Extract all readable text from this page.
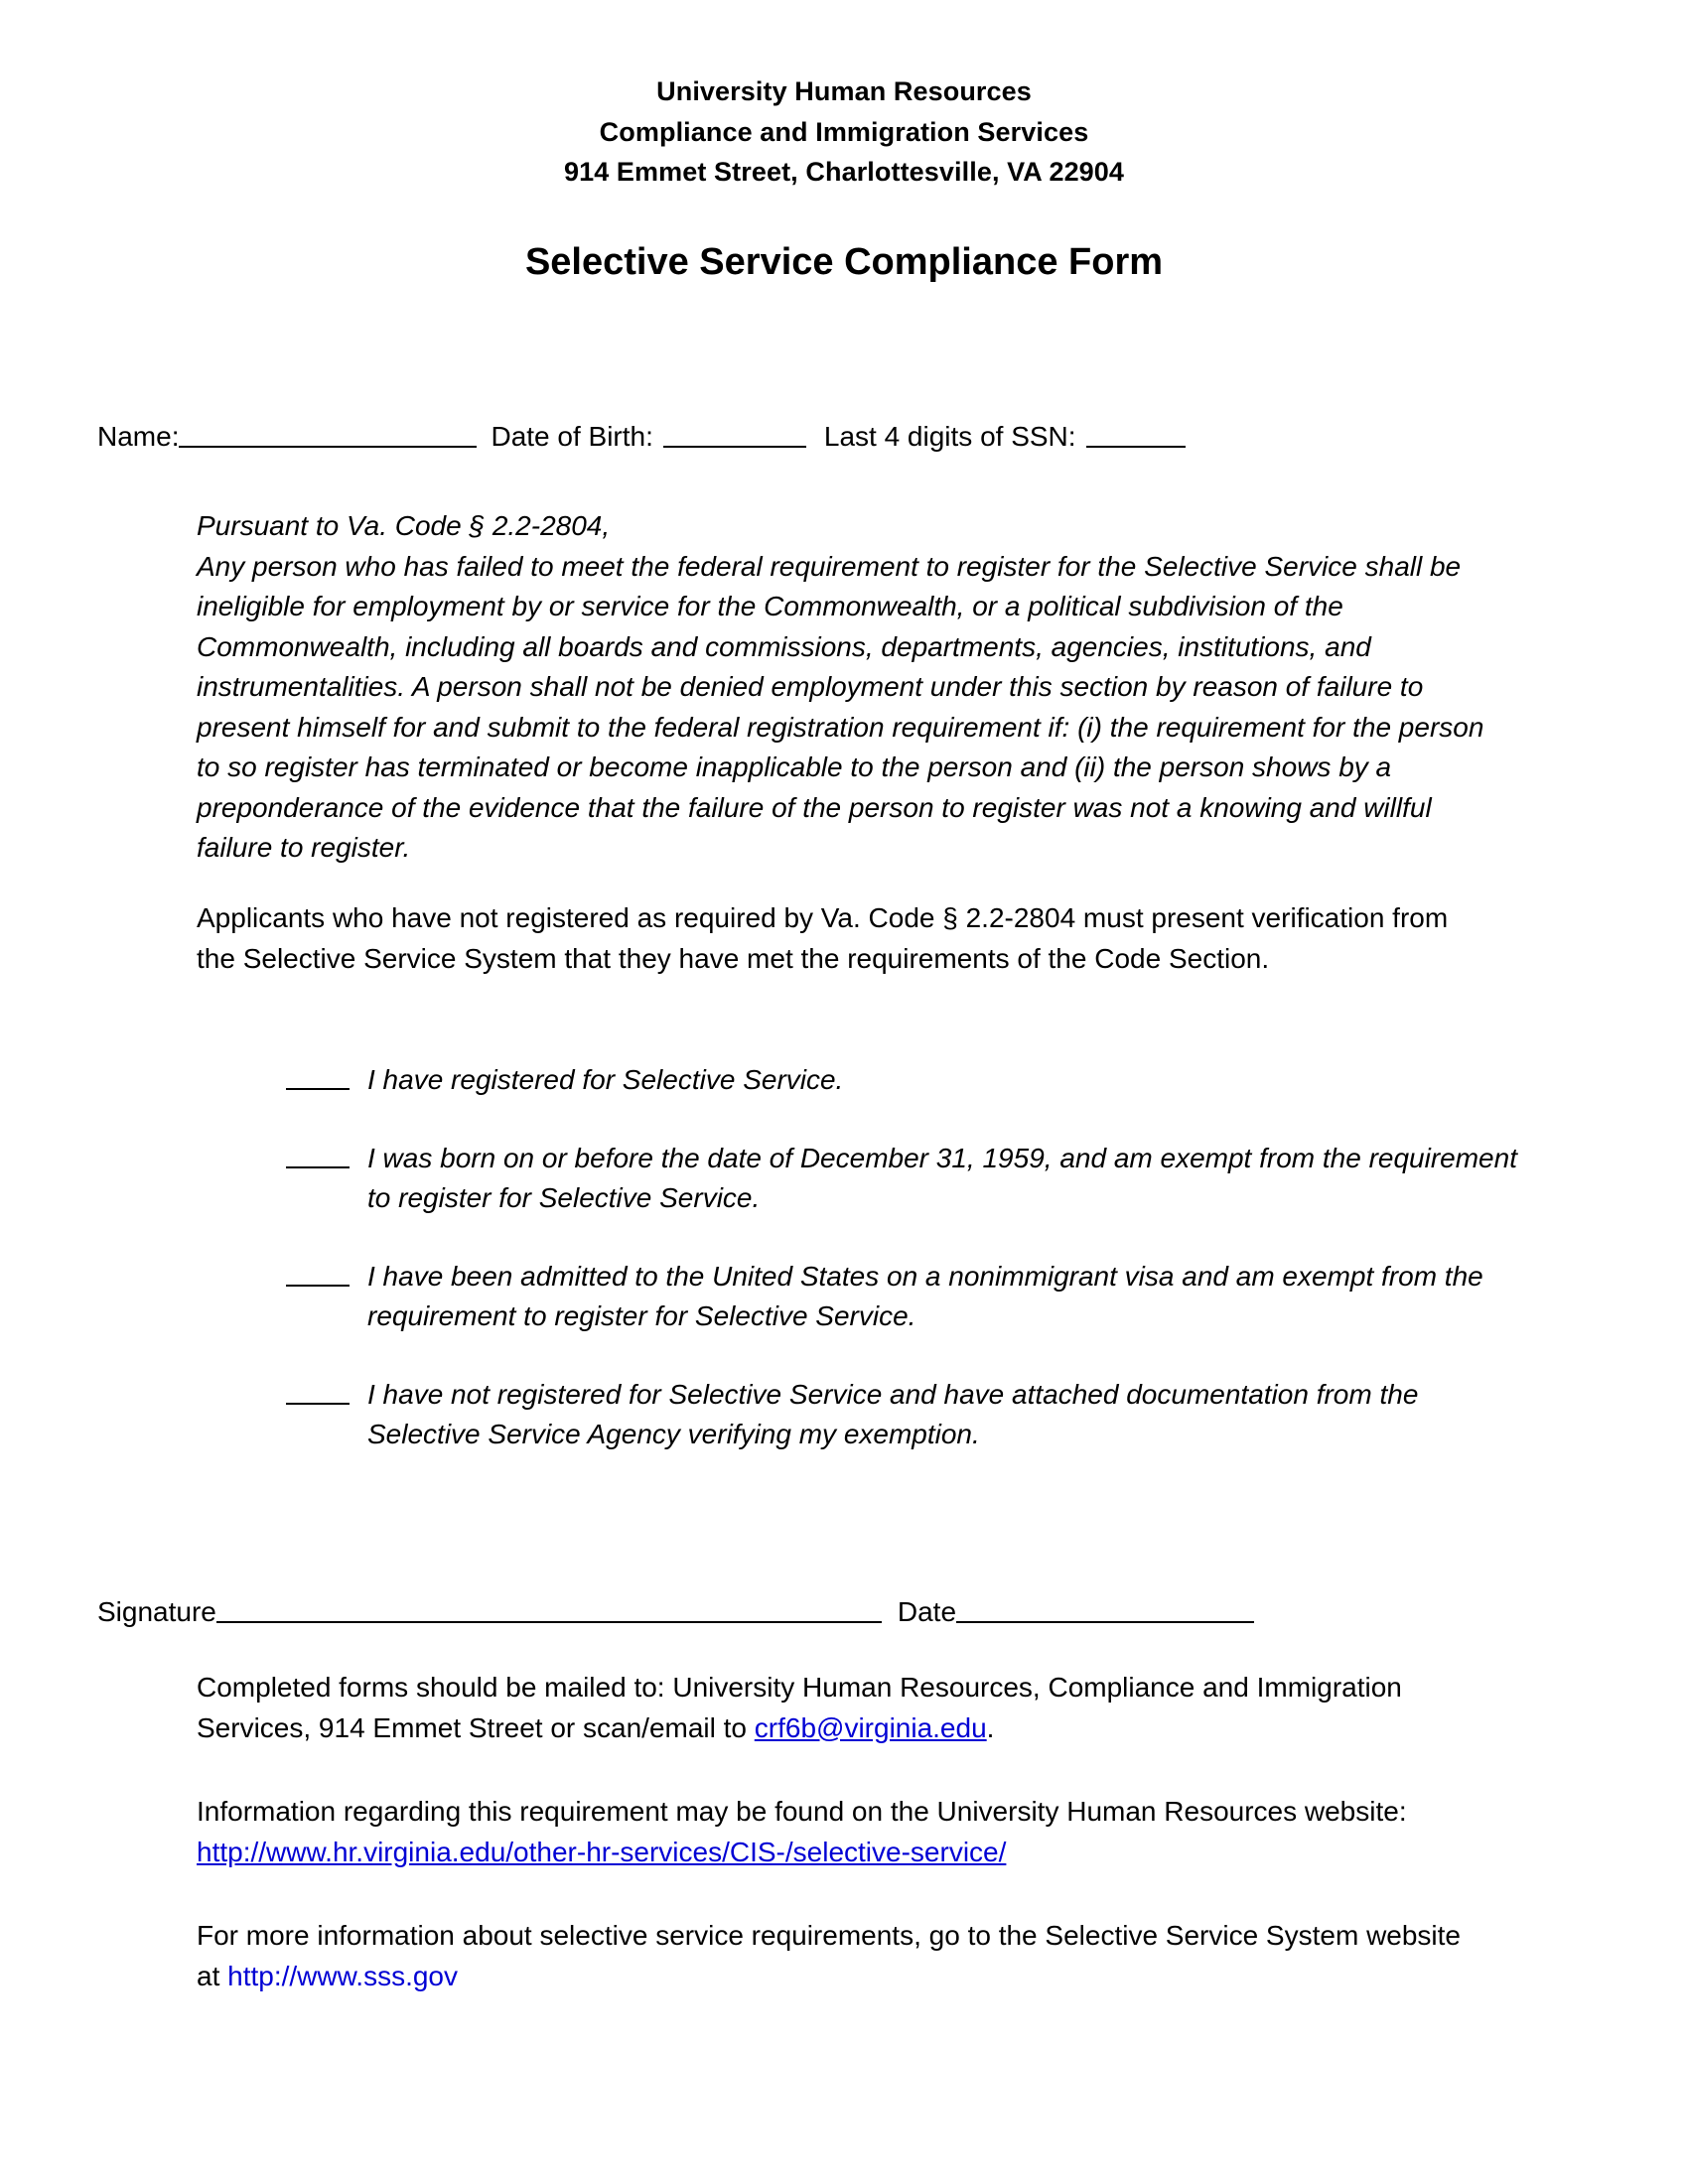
University Human Resources
Compliance and Immigration Services
914 Emmet Street, Charlottesville, VA 22904
Selective Service Compliance Form
Name:	Date of Birth:	Last 4 digits of SSN:
Pursuant to Va. Code § 2.2-2804,
Any person who has failed to meet the federal requirement to register for the Selective Service shall be ineligible for employment by or service for the Commonwealth, or a political subdivision of the Commonwealth, including all boards and commissions, departments, agencies, institutions, and instrumentalities. A person shall not be denied employment under this section by reason of failure to present himself for and submit to the federal registration requirement if: (i) the requirement for the person to so register has terminated or become inapplicable to the person and (ii) the person shows by a preponderance of the evidence that the failure of the person to register was not a knowing and willful failure to register.
Applicants who have not registered as required by Va. Code § 2.2-2804 must present verification from the Selective Service System that they have met the requirements of the Code Section.
I have registered for Selective Service.
I was born on or before the date of December 31, 1959, and am exempt from the requirement to register for Selective Service.
I have been admitted to the United States on a nonimmigrant visa and am exempt from the requirement to register for Selective Service.
I have not registered for Selective Service and have attached documentation from the Selective Service Agency verifying my exemption.
Signature	Date
Completed forms should be mailed to: University Human Resources, Compliance and Immigration Services, 914 Emmet Street or scan/email to crf6b@virginia.edu.
Information regarding this requirement may be found on the University Human Resources website: http://www.hr.virginia.edu/other-hr-services/CIS-/selective-service/
For more information about selective service requirements, go to the Selective Service System website at http://www.sss.gov
